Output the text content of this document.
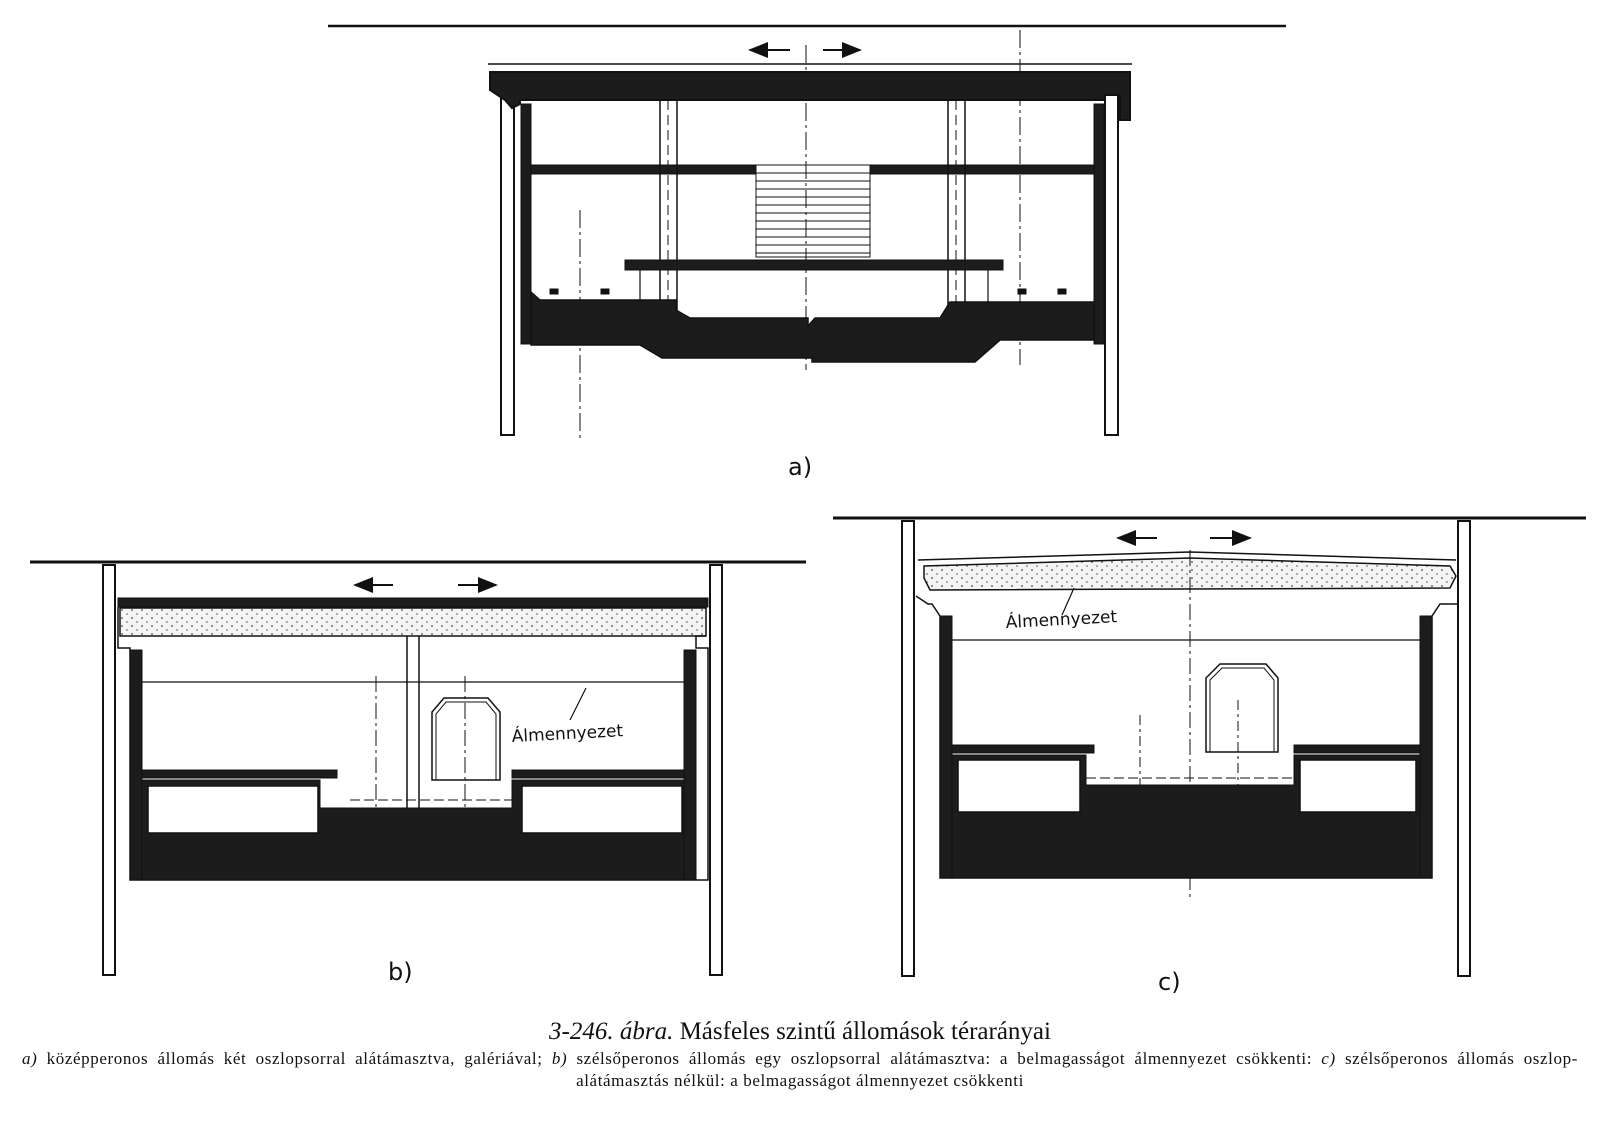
a)
Álmennyezet
b)
Álmennyezet
c)
3-246. ábra. Másfeles szintű állomások térarányai
a) középperonos állomás két oszlopsorral alátámasztva, galériával; b) szélsőperonos állomás egy oszlopsorral alátámasztva: a belmagasságot álmennyezet csökkenti: c) szélsőperonos állomás oszlop-alátámasztás nélkül: a belmagasságot álmennyezet csökkenti
